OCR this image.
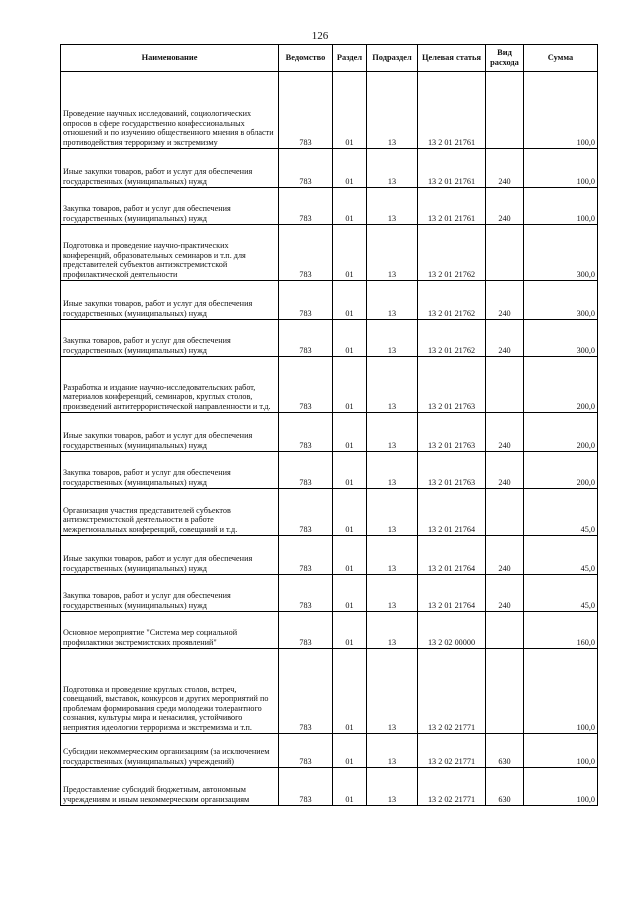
126
Наименование	Ведомство	Раздел	Подраздел	Целевая статья	Вид расхода	Сумма
Проведение научных исследований, социологических опросов в сфере государственно конфессиональных отношений и по изучению общественного мнения в области противодействия терроризму и экстремизму	783	01	13	13 2 01 21761		100,0
Иные закупки товаров, работ и услуг для обеспечения государственных (муниципальных) нужд	783	01	13	13 2 01 21761	240	100,0
Закупка товаров, работ и услуг для обеспечения государственных (муниципальных) нужд	783	01	13	13 2 01 21761	240	100,0
Подготовка и проведение научно-практических конференций, образовательных семинаров и т.п. для представителей субъектов антиэкстремистской профилактической деятельности	783	01	13	13 2 01 21762		300,0
Иные закупки товаров, работ и услуг для обеспечения государственных (муниципальных) нужд	783	01	13	13 2 01 21762	240	300,0
Закупка товаров, работ и услуг для обеспечения государственных (муниципальных) нужд	783	01	13	13 2 01 21762	240	300,0
Разработка и издание научно-исследовательских работ, материалов конференций, семинаров, круглых столов, произведений антитеррористической направленности и т.д.	783	01	13	13 2 01 21763		200,0
Иные закупки товаров, работ и услуг для обеспечения государственных (муниципальных) нужд	783	01	13	13 2 01 21763	240	200,0
Закупка товаров, работ и услуг для обеспечения государственных (муниципальных) нужд	783	01	13	13 2 01 21763	240	200,0
Организация участия представителей субъектов антиэкстремистской деятельности в работе межрегиональных конференций, совещаний и т.д.	783	01	13	13 2 01 21764		45,0
Иные закупки товаров, работ и услуг для обеспечения государственных (муниципальных) нужд	783	01	13	13 2 01 21764	240	45,0
Закупка товаров, работ и услуг для обеспечения государственных (муниципальных) нужд	783	01	13	13 2 01 21764	240	45,0
Основное мероприятие "Система мер социальной профилактики экстремистских проявлений"	783	01	13	13 2 02 00000		160,0
Подготовка и проведение круглых столов, встреч, совещаний, выставок, конкурсов и других мероприятий по проблемам формирования среди молодежи толерантного сознания, культуры мира и ненасилия, устойчивого неприятия идеологии терроризма и экстремизма и т.п.	783	01	13	13 2 02 21771		100,0
Субсидии некоммерческим организациям (за исключением государственных (муниципальных) учреждений)	783	01	13	13 2 02 21771	630	100,0
Предоставление субсидий бюджетным, автономным учреждениям и иным некоммерческим организациям	783	01	13	13 2 02 21771	630	100,0
